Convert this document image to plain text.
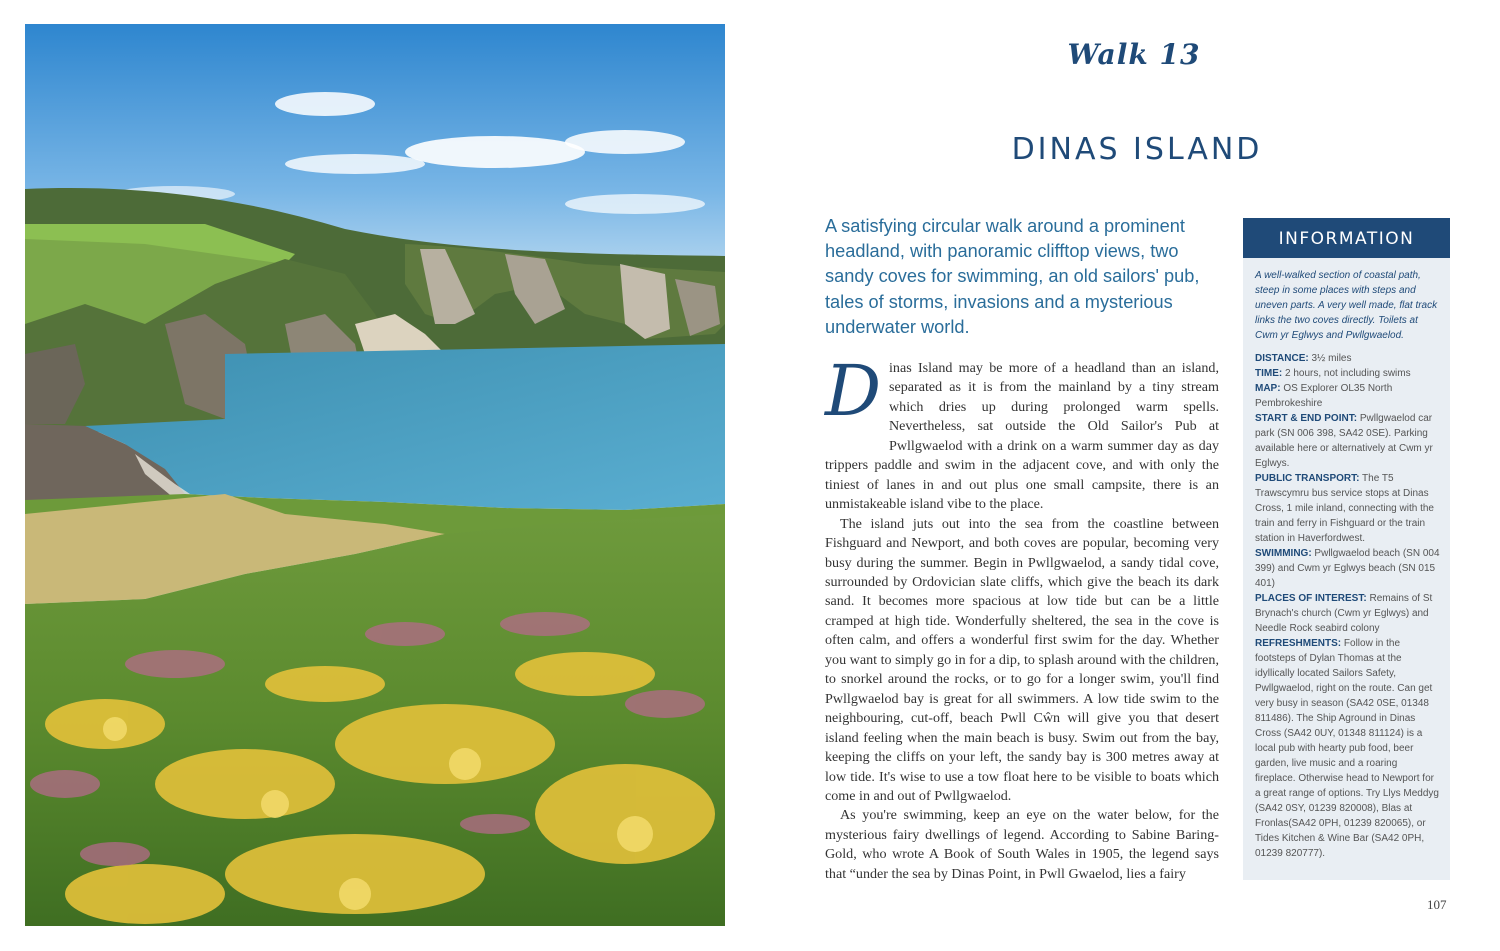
Walk 13
DINAS ISLAND
A satisfying circular walk around a prominent headland, with panoramic clifftop views, two sandy coves for swimming, an old sailors' pub, tales of storms, invasions and a mysterious underwater world.

Dinas Island may be more of a headland than an island, separated as it is from the mainland by a tiny stream which dries up during prolonged warm spells. Nevertheless, sat outside the Old Sailor's Pub at Pwllgwaelod with a drink on a warm summer day as day trippers paddle and swim in the adjacent cove, and with only the tiniest of lanes in and out plus one small campsite, there is an unmistakeable island vibe to the place.

The island juts out into the sea from the coastline between Fishguard and Newport, and both coves are popular, becoming very busy during the summer. Begin in Pwllgwaelod, a sandy tidal cove, surrounded by Ordovician slate cliffs, which give the beach its dark sand. It becomes more spacious at low tide but can be a little cramped at high tide. Wonderfully sheltered, the sea in the cove is often calm, and offers a wonderful first swim for the day. Whether you want to simply go in for a dip, to splash around with the children, to snorkel around the rocks, or to go for a longer swim, you'll find Pwllgwaelod bay is great for all swimmers. A low tide swim to the neighbouring, cut-off, beach Pwll Cŵn will give you that desert island feeling when the main beach is busy. Swim out from the bay, keeping the cliffs on your left, the sandy bay is 300 metres away at low tide. It's wise to use a tow float here to be visible to boats which come in and out of Pwllgwaelod.

As you're swimming, keep an eye on the water below, for the mysterious fairy dwellings of legend. According to Sabine Baring-Gold, who wrote A Book of South Wales in 1905, the legend says that “under the sea by Dinas Point, in Pwll Gwaelod, lies a fairy

INFORMATION
A well-walked section of coastal path, steep in some places with steps and uneven parts. A very well made, flat track links the two coves directly. Toilets at Cwm yr Eglwys and Pwllgwaelod.
DISTANCE: 3½ miles
TIME: 2 hours, not including swims
MAP: OS Explorer OL35 North Pembrokeshire
START & END POINT: Pwllgwaelod car park (SN 006 398, SA42 0SE). Parking available here or alternatively at Cwm yr Eglwys.
PUBLIC TRANSPORT: The T5 Trawscymru bus service stops at Dinas Cross, 1 mile inland, connecting with the train and ferry in Fishguard or the train station in Haverfordwest.
SWIMMING: Pwllgwaelod beach (SN 004 399) and Cwm yr Eglwys beach (SN 015 401)
PLACES OF INTEREST: Remains of St Brynach's church (Cwm yr Eglwys) and Needle Rock seabird colony
REFRESHMENTS: Follow in the footsteps of Dylan Thomas at the idyllically located Sailors Safety, Pwllgwaelod, right on the route. Can get very busy in season (SA42 0SE, 01348 811486). The Ship Aground in Dinas Cross (SA42 0UY, 01348 811124) is a local pub with hearty pub food, beer garden, live music and a roaring fireplace. Otherwise head to Newport for a great range of options. Try Llys Meddyg (SA42 0SY, 01239 820008), Blas at Fronlas(SA42 0PH, 01239 820065), or Tides Kitchen & Wine Bar (SA42 0PH, 01239 820777).
107
